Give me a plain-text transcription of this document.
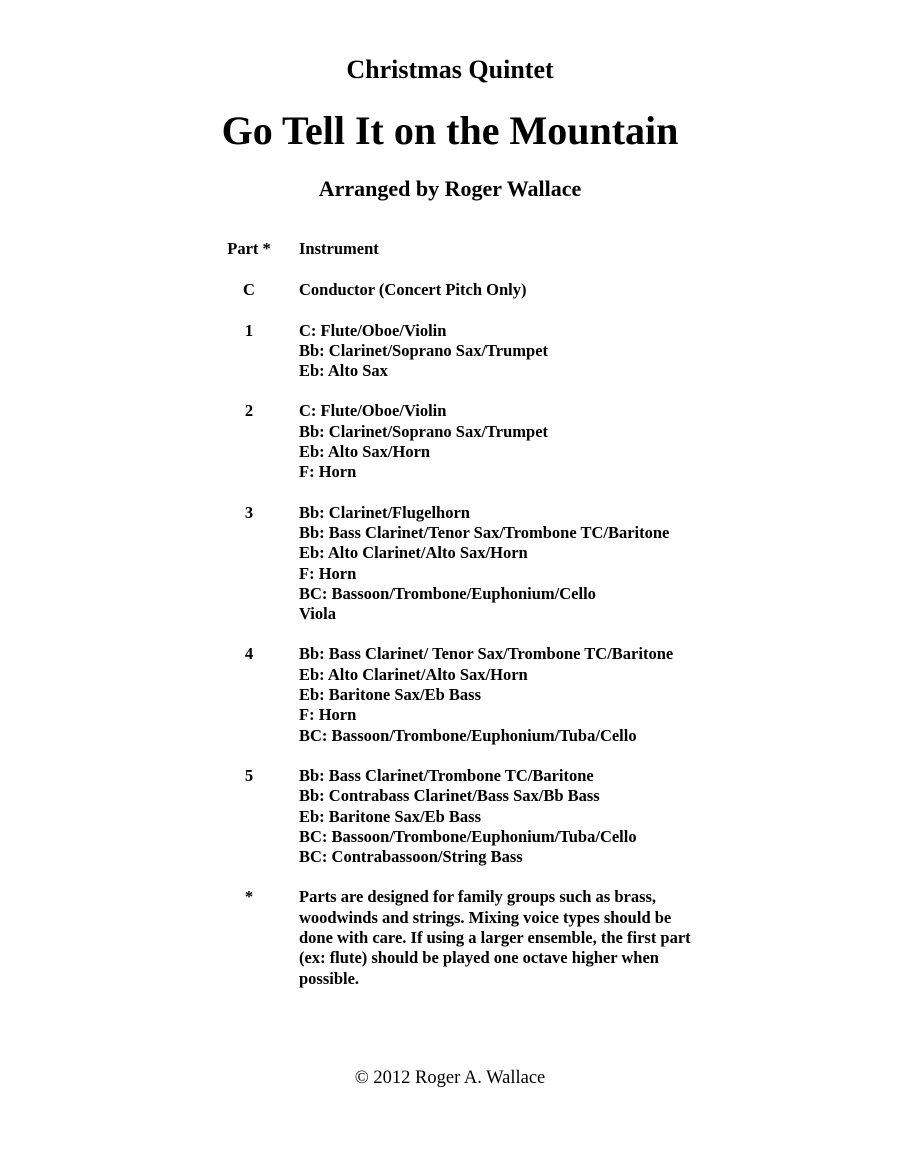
Christmas Quintet
Go Tell It on the Mountain
Arranged by Roger Wallace
Part *	Instrument
C	Conductor (Concert Pitch Only)
1	C: Flute/Oboe/Violin
Bb: Clarinet/Soprano Sax/Trumpet
Eb: Alto Sax
2	C: Flute/Oboe/Violin
Bb: Clarinet/Soprano Sax/Trumpet
Eb: Alto Sax/Horn
F: Horn
3	Bb: Clarinet/Flugelhorn
Bb: Bass Clarinet/Tenor Sax/Trombone TC/Baritone
Eb: Alto Clarinet/Alto Sax/Horn
F: Horn
BC: Bassoon/Trombone/Euphonium/Cello
Viola
4	Bb: Bass Clarinet/ Tenor Sax/Trombone TC/Baritone
Eb: Alto Clarinet/Alto Sax/Horn
Eb: Baritone Sax/Eb Bass
F: Horn
BC: Bassoon/Trombone/Euphonium/Tuba/Cello
5	Bb: Bass Clarinet/Trombone TC/Baritone
Bb: Contrabass Clarinet/Bass Sax/Bb Bass
Eb: Baritone Sax/Eb Bass
BC: Bassoon/Trombone/Euphonium/Tuba/Cello
BC: Contrabassoon/String Bass
*	Parts are designed for family groups such as brass,
woodwinds and strings. Mixing voice types should be
done with care. If using a larger ensemble, the first part
(ex: flute) should be played one octave higher when
possible.
© 2012 Roger A. Wallace
